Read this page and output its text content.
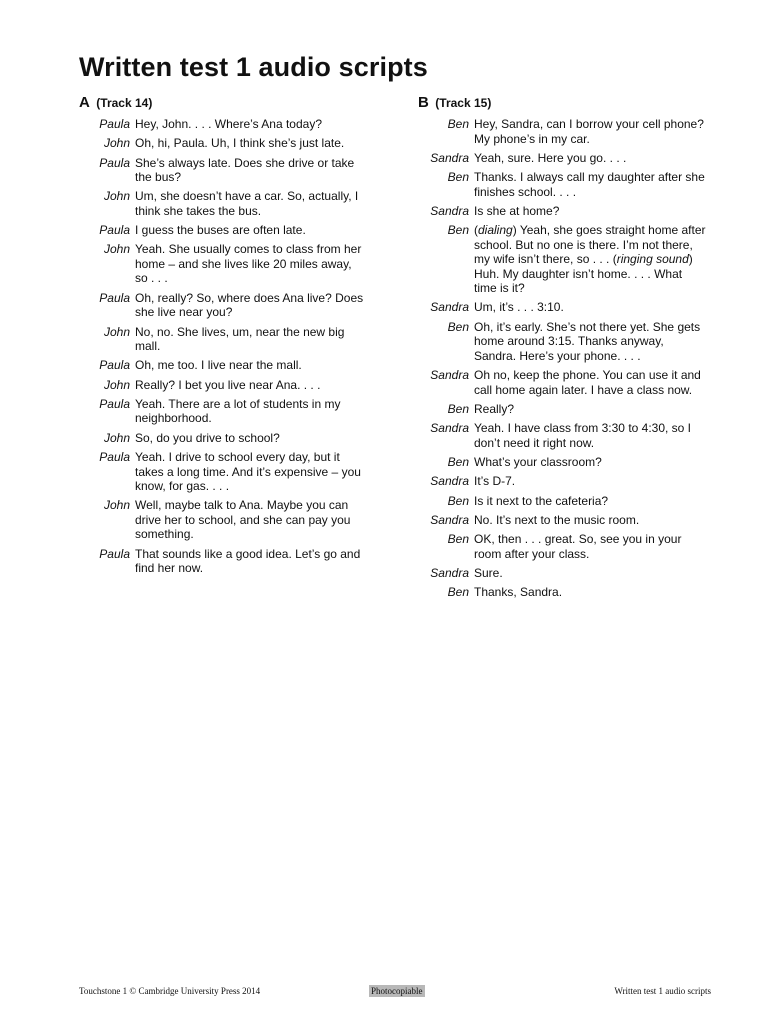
Written test 1 audio scripts
A (Track 14)
Paula Hey, John. . . . Where’s Ana today?
John Oh, hi, Paula. Uh, I think she’s just late.
Paula She’s always late. Does she drive or take the bus?
John Um, she doesn’t have a car. So, actually, I think she takes the bus.
Paula I guess the buses are often late.
John Yeah. She usually comes to class from her home – and she lives like 20 miles away, so . . .
Paula Oh, really? So, where does Ana live? Does she live near you?
John No, no. She lives, um, near the new big mall.
Paula Oh, me too. I live near the mall.
John Really? I bet you live near Ana. . . .
Paula Yeah. There are a lot of students in my neighborhood.
John So, do you drive to school?
Paula Yeah. I drive to school every day, but it takes a long time. And it’s expensive – you know, for gas. . . .
John Well, maybe talk to Ana. Maybe you can drive her to school, and she can pay you something.
Paula That sounds like a good idea. Let’s go and find her now.
B (Track 15)
Ben Hey, Sandra, can I borrow your cell phone? My phone’s in my car.
Sandra Yeah, sure. Here you go. . . .
Ben Thanks. I always call my daughter after she finishes school. . . .
Sandra Is she at home?
Ben (dialing) Yeah, she goes straight home after school. But no one is there. I’m not there, my wife isn’t there, so . . . (ringing sound) Huh. My daughter isn’t home. . . . What time is it?
Sandra Um, it’s . . . 3:10.
Ben Oh, it’s early. She’s not there yet. She gets home around 3:15. Thanks anyway, Sandra. Here’s your phone. . . .
Sandra Oh no, keep the phone. You can use it and call home again later. I have a class now.
Ben Really?
Sandra Yeah. I have class from 3:30 to 4:30, so I don’t need it right now.
Ben What’s your classroom?
Sandra It’s D-7.
Ben Is it next to the cafeteria?
Sandra No. It’s next to the music room.
Ben OK, then . . . great. So, see you in your room after your class.
Sandra Sure.
Ben Thanks, Sandra.
Touchstone 1 © Cambridge University Press 2014	Photocopiable	Written test 1 audio scripts
